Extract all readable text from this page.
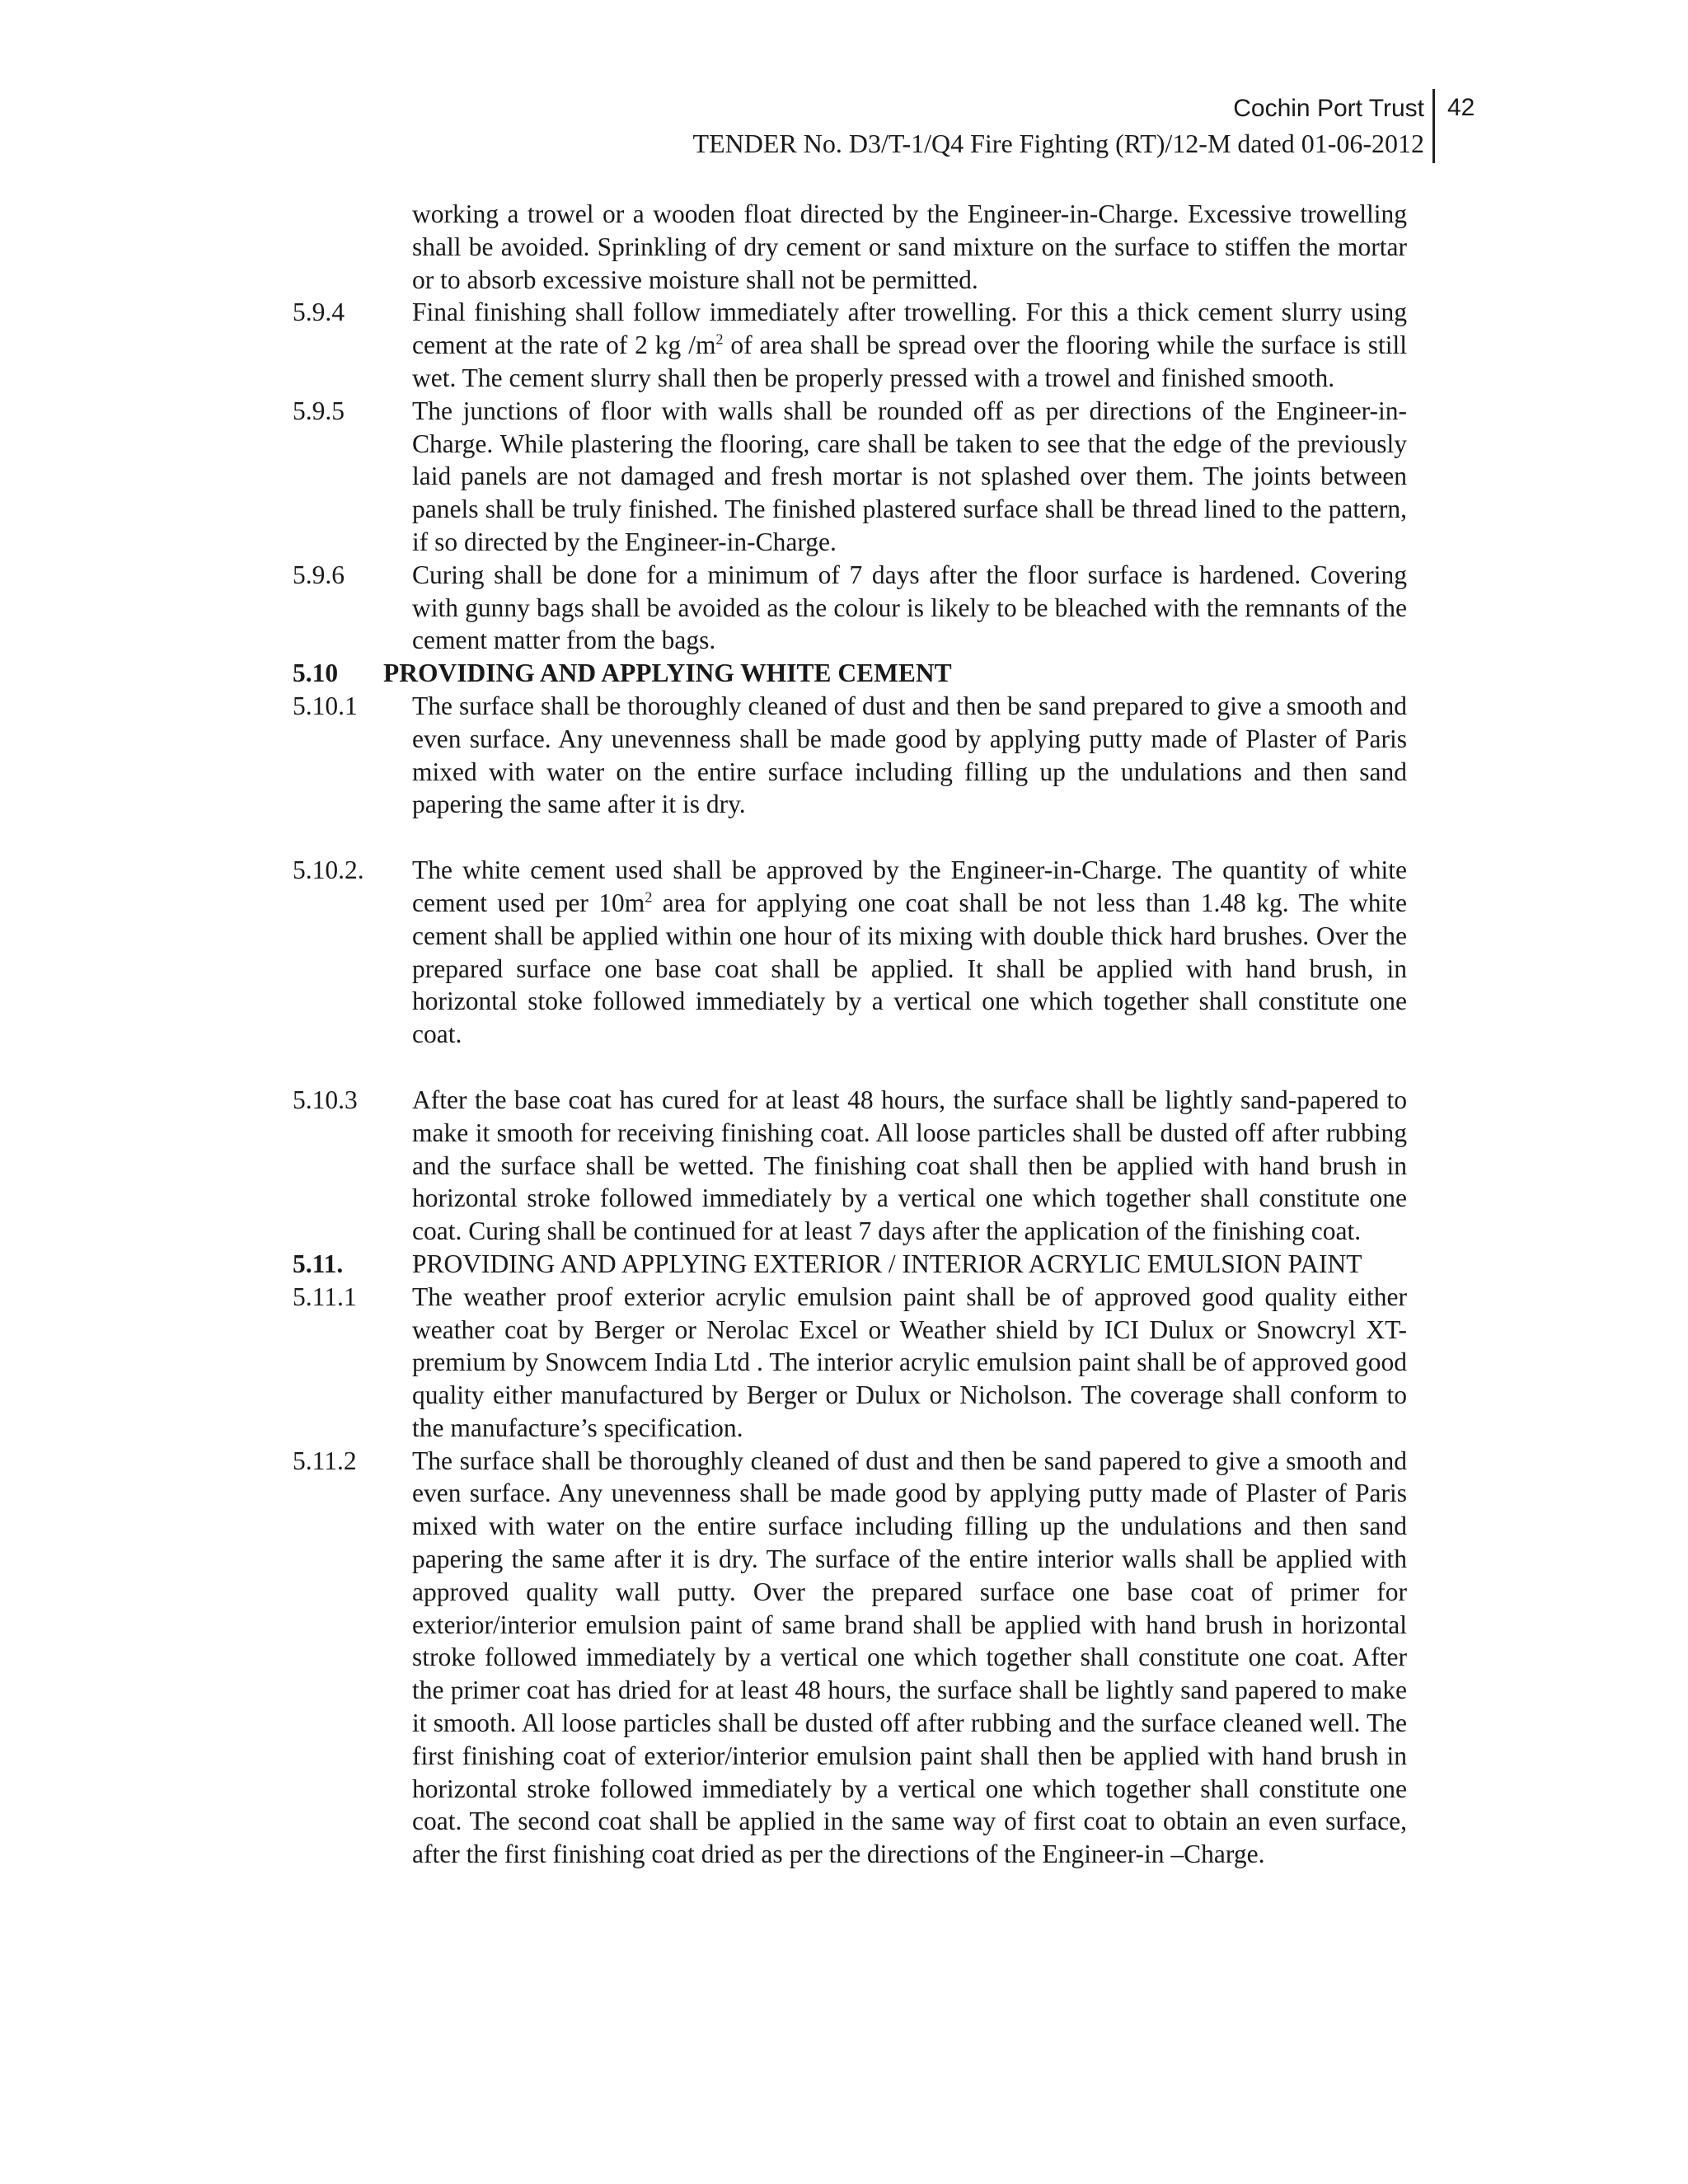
Cochin Port Trust
TENDER No. D3/T-1/Q4 Fire Fighting (RT)/12-M dated 01-06-2012
42
working a trowel or a wooden float directed by the Engineer-in-Charge. Excessive trowelling shall be avoided. Sprinkling of dry cement or sand mixture on the surface to stiffen the mortar or to absorb excessive moisture shall not be permitted.
5.9.4	Final finishing shall follow immediately after trowelling. For this a thick cement slurry using cement at the rate of 2 kg $/m^2$ of area shall be spread over the flooring while the surface is still wet. The cement slurry shall then be properly pressed with a trowel and finished smooth.
5.9.5	The junctions of floor with walls shall be rounded off as per directions of the Engineer-in-Charge. While plastering the flooring, care shall be taken to see that the edge of the previously laid panels are not damaged and fresh mortar is not splashed over them. The joints between panels shall be truly finished. The finished plastered surface shall be thread lined to the pattern, if so directed by the Engineer-in-Charge.
5.9.6	Curing shall be done for a minimum of 7 days after the floor surface is hardened. Covering with gunny bags shall be avoided as the colour is likely to be bleached with the remnants of the cement matter from the bags.
5.10 PROVIDING AND APPLYING WHITE CEMENT
5.10.1 The surface shall be thoroughly cleaned of dust and then be sand prepared to give a smooth and even surface. Any unevenness shall be made good by applying putty made of Plaster of Paris mixed with water on the entire surface including filling up the undulations and then sand papering the same after it is dry.
5.10.2. The white cement used shall be approved by the Engineer-in-Charge. The quantity of white cement used per $10m^2$ area for applying one coat shall be not less than 1.48 kg. The white cement shall be applied within one hour of its mixing with double thick hard brushes. Over the prepared surface one base coat shall be applied. It shall be applied with hand brush, in horizontal stoke followed immediately by a vertical one which together shall constitute one coat.
5.10.3 After the base coat has cured for at least 48 hours, the surface shall be lightly sand-papered to make it smooth for receiving finishing coat. All loose particles shall be dusted off after rubbing and the surface shall be wetted. The finishing coat shall then be applied with hand brush in horizontal stroke followed immediately by a vertical one which together shall constitute one coat. Curing shall be continued for at least 7 days after the application of the finishing coat.
5.11.	PROVIDING AND APPLYING EXTERIOR / INTERIOR ACRYLIC EMULSION PAINT
5.11.1 The weather proof exterior acrylic emulsion paint shall be of approved good quality either weather coat by Berger or Nerolac Excel or Weather shield by ICI Dulux or Snowcryl XT-premium by Snowcem India Ltd . The interior acrylic emulsion paint shall be of approved good quality either manufactured by Berger or Dulux or Nicholson. The coverage shall conform to the manufacture’s specification.
5.11.2 The surface shall be thoroughly cleaned of dust and then be sand papered to give a smooth and even surface. Any unevenness shall be made good by applying putty made of Plaster of Paris mixed with water on the entire surface including filling up the undulations and then sand papering the same after it is dry. The surface of the entire interior walls shall be applied with approved quality wall putty. Over the prepared surface one base coat of primer for exterior/interior emulsion paint of same brand shall be applied with hand brush in horizontal stroke followed immediately by a vertical one which together shall constitute one coat. After the primer coat has dried for at least 48 hours, the surface shall be lightly sand papered to make it smooth. All loose particles shall be dusted off after rubbing and the surface cleaned well. The first finishing coat of exterior/interior emulsion paint shall then be applied with hand brush in horizontal stroke followed immediately by a vertical one which together shall constitute one coat. The second coat shall be applied in the same way of first coat to obtain an even surface, after the first finishing coat dried as per the directions of the Engineer-in –Charge.
